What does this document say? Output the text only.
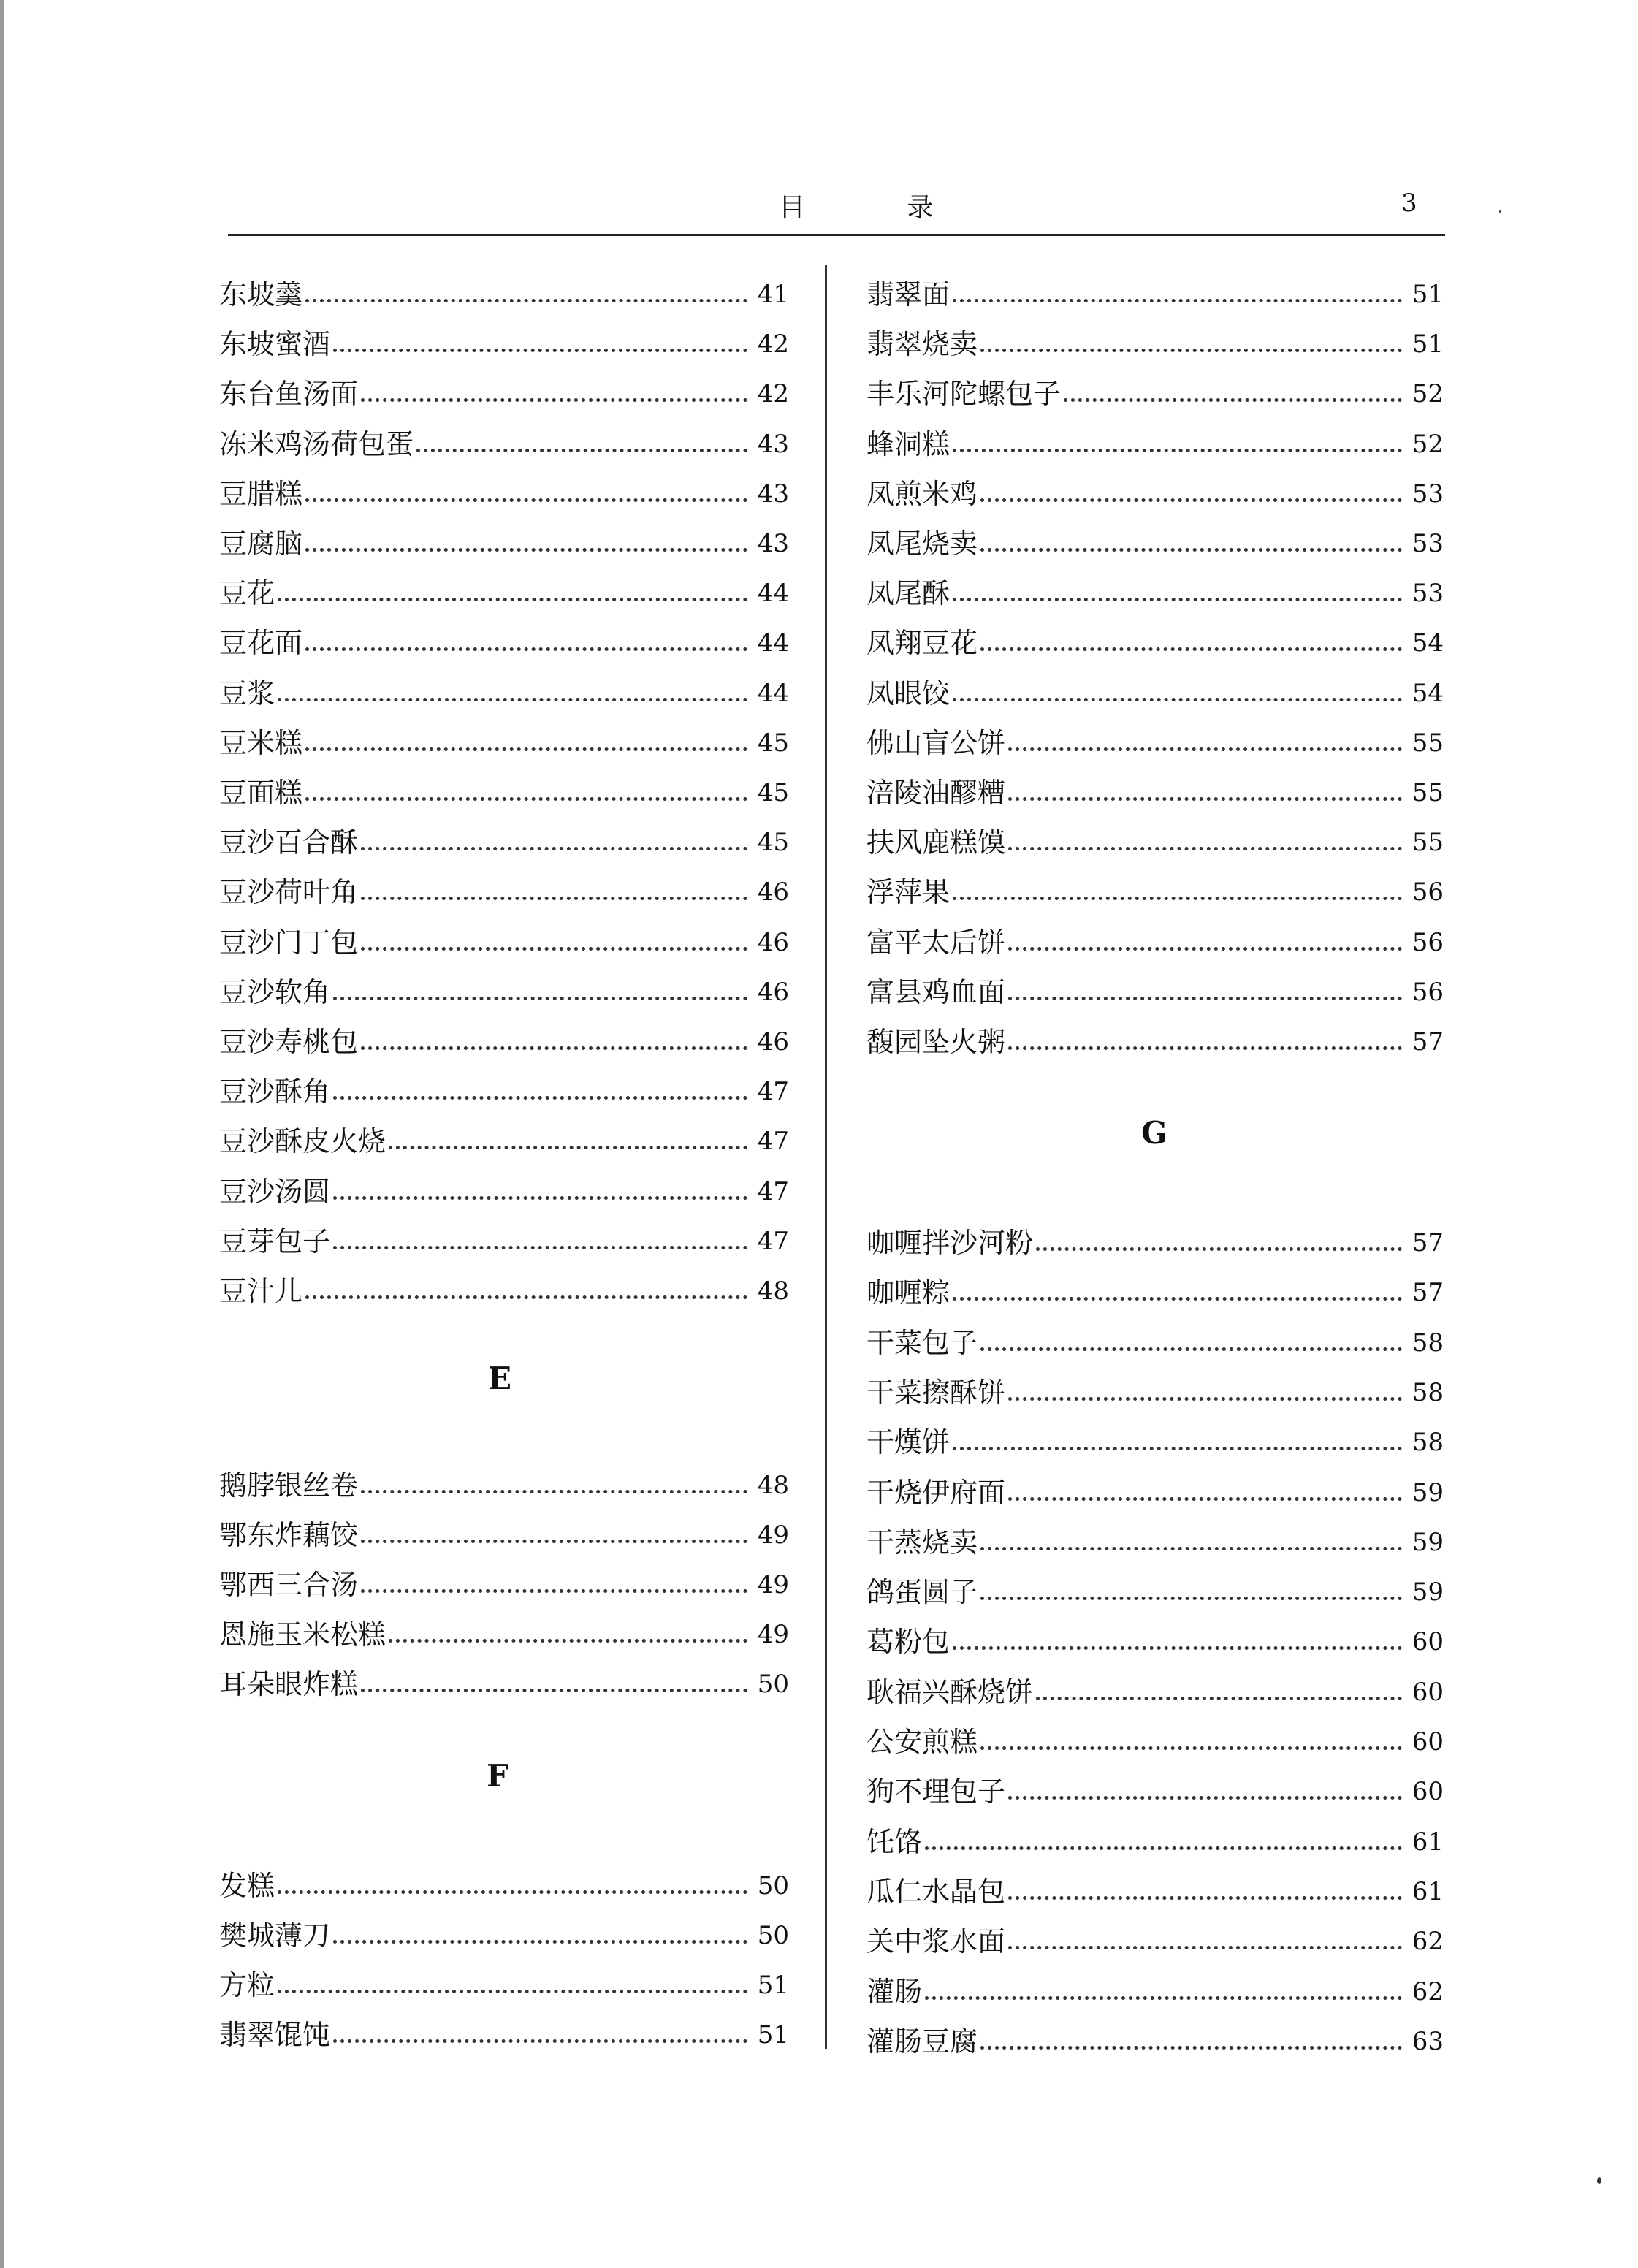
目 录	3
东坡羹	41
东坡蜜酒	42
东台鱼汤面	42
冻米鸡汤荷包蛋	43
豆腊糕	43
豆腐脑	43
豆花	44
豆花面	44
豆浆	44
豆米糕	45
豆面糕	45
豆沙百合酥	45
豆沙荷叶角	46
豆沙门丁包	46
豆沙软角	46
豆沙寿桃包	46
豆沙酥角	47
豆沙酥皮火烧	47
豆沙汤圆	47
豆芽包子	47
豆汁儿	48
E
鹅脖银丝卷	48
鄂东炸藕饺	49
鄂西三合汤	49
恩施玉米松糕	49
耳朵眼炸糕	50
F
发糕	50
樊城薄刀	50
方粒	51
翡翠馄饨	51
翡翠面	51
翡翠烧卖	51
丰乐河陀螺包子	52
蜂洞糕	52
凤煎米鸡	53
凤尾烧卖	53
凤尾酥	53
凤翔豆花	54
凤眼饺	54
佛山盲公饼	55
涪陵油醪糟	55
扶风鹿糕馍	55
浮萍果	56
富平太后饼	56
富县鸡血面	56
馥园坠火粥	57
G
咖喱拌沙河粉	57
咖喱粽	57
干菜包子	58
干菜擦酥饼	58
干熯饼	58
干烧伊府面	59
干蒸烧卖	59
鸽蛋圆子	59
葛粉包	60
耿福兴酥烧饼	60
公安煎糕	60
狗不理包子	60
饦饹	61
瓜仁水晶包	61
关中浆水面	62
灌肠	62
灌肠豆腐	63
